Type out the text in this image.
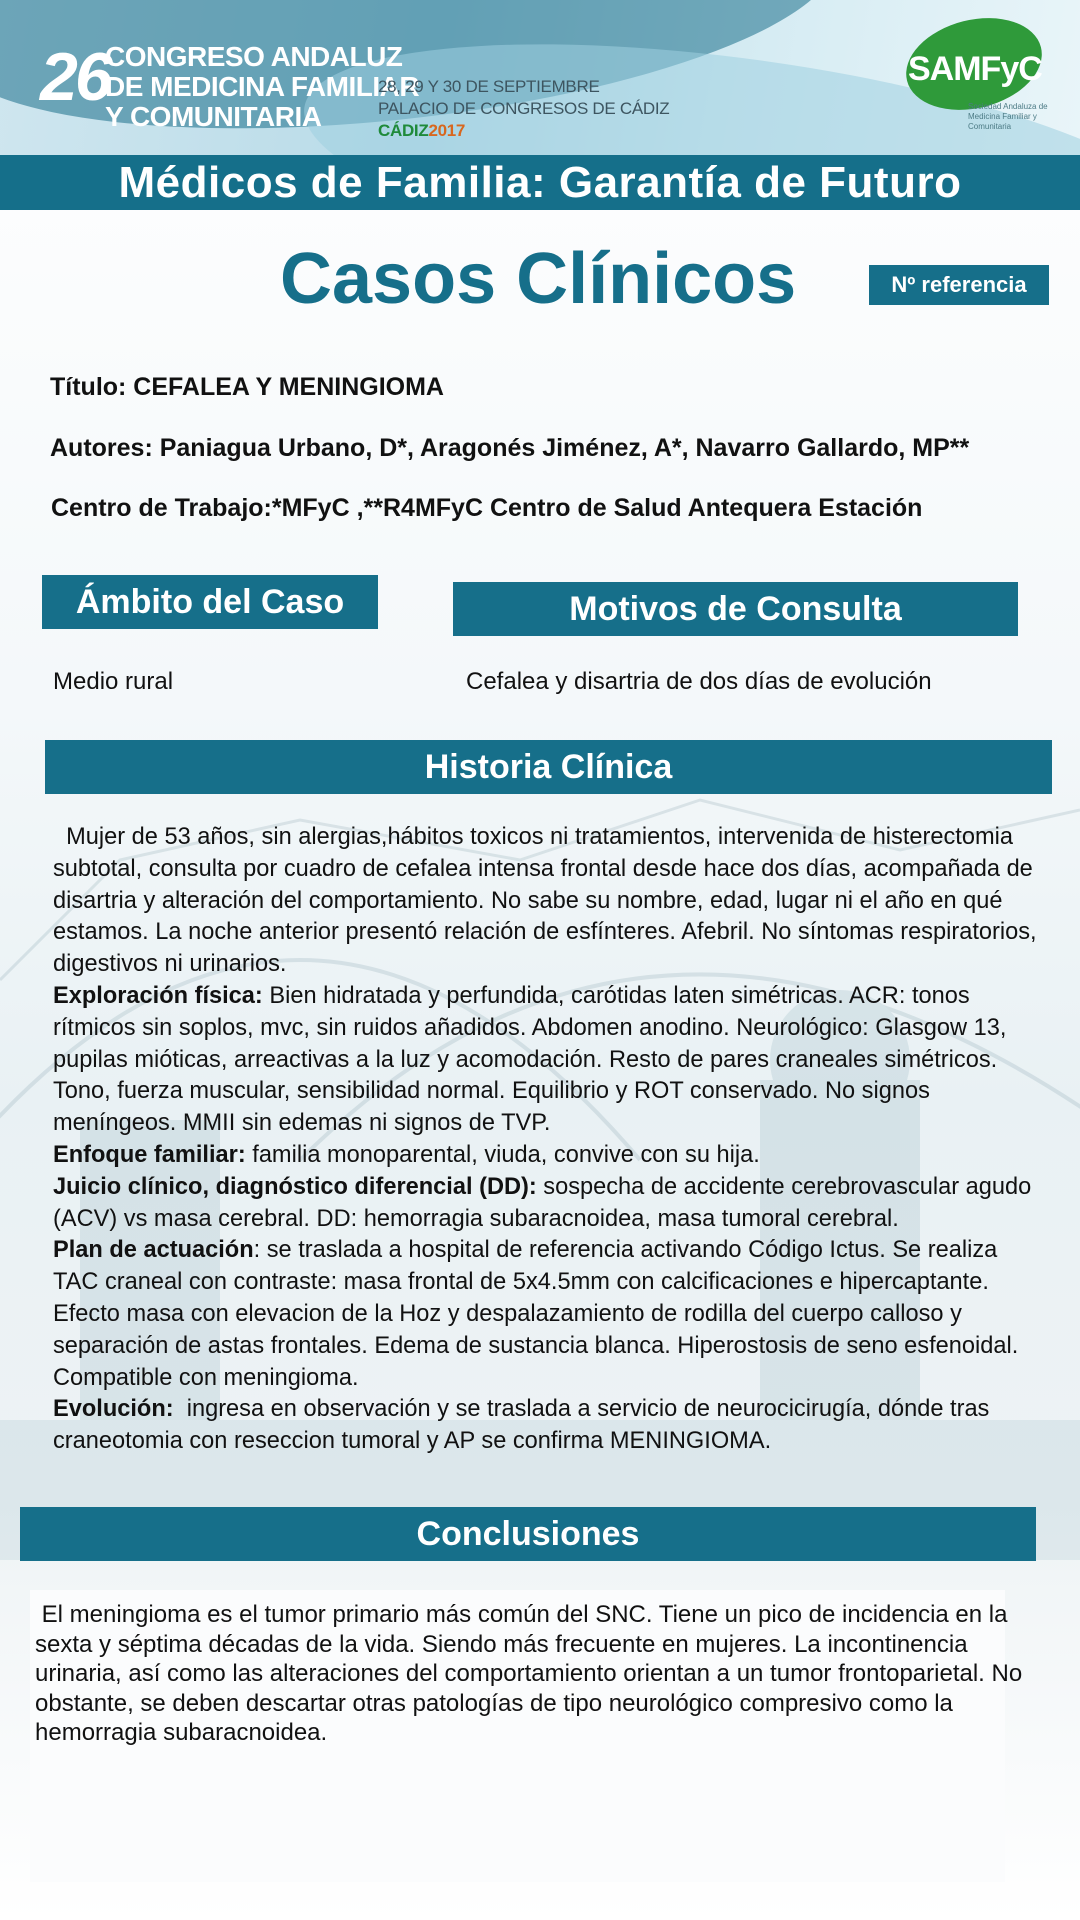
26
CONGRESO ANDALUZ
DE MEDICINA FAMILIAR
Y COMUNITARIA
28, 29 Y 30 DE SEPTIEMBRE
PALACIO DE CONGRESOS DE CÁDIZ
CÁDIZ2017
SAMFyC
Sociedad Andaluza de Medicina Familiar y Comunitaria
Médicos de Familia: Garantía de Futuro
Casos Clínicos	Nº referencia
Título: CEFALEA Y MENINGIOMA
Autores: Paniagua Urbano, D*, Aragonés Jiménez, A*, Navarro Gallardo, MP**
Centro de Trabajo:*MFyC ,**R4MFyC Centro de Salud Antequera Estación
Ámbito del Caso	Motivos de Consulta
Medio rural	Cefalea y disartria de dos días de evolución
Historia Clínica

Mujer de 53 años, sin alergias,hábitos toxicos ni tratamientos, intervenida de histerectomia subtotal, consulta por cuadro de cefalea intensa frontal desde hace dos días, acompañada de disartria y alteración del comportamiento. No sabe su nombre, edad, lugar ni el año en qué estamos. La noche anterior presentó relación de esfínteres. Afebril. No síntomas respiratorios, digestivos ni urinarios.

Exploración física: Bien hidratada y perfundida, carótidas laten simétricas. ACR: tonos rítmicos sin soplos, mvc, sin ruidos añadidos. Abdomen anodino. Neurológico: Glasgow 13, pupilas mióticas, arreactivas a la luz y acomodación. Resto de pares craneales simétricos. Tono, fuerza muscular, sensibilidad normal. Equilibrio y ROT conservado. No signos meníngeos. MMII sin edemas ni signos de TVP.

Enfoque familiar: familia monoparental, viuda, convive con su hija.

Juicio clínico, diagnóstico diferencial (DD): sospecha de accidente cerebrovascular agudo (ACV) vs masa cerebral. DD: hemorragia subaracnoidea, masa tumoral cerebral.

Plan de actuación: se traslada a hospital de referencia activando Código Ictus. Se realiza TAC craneal con contraste: masa frontal de 5x4.5mm con calcificaciones e hipercaptante. Efecto masa con elevacion de la Hoz y despalazamiento de rodilla del cuerpo calloso y separación de astas frontales. Edema de sustancia blanca. Hiperostosis de seno esfenoidal. Compatible con meningioma.

Evolución:  ingresa en observación y se traslada a servicio de neurocicirugía, dónde tras craneotomia con reseccion tumoral y AP se confirma MENINGIOMA.

Conclusiones
El meningioma es el tumor primario más común del SNC. Tiene un pico de incidencia en la sexta y séptima décadas de la vida. Siendo más frecuente en mujeres. La incontinencia urinaria, así como las alteraciones del comportamiento orientan a un tumor frontoparietal. No obstante, se deben descartar otras patologías de tipo neurológico compresivo como la hemorragia subaracnoidea.
